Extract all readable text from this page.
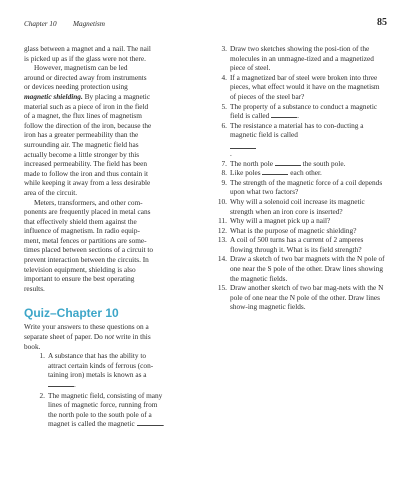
Chapter 10 Magnetism	85

glass between a magnet and a nail. The nail
is picked up as if the glass were not there.

However, magnetism can be led
around or directed away from instruments
or devices needing protection using
magnetic shielding. By placing a magnetic
material such as a piece of iron in the field
of a magnet, the flux lines of magnetism
follow the direction of the iron, because the
iron has a greater permeability than the
surrounding air. The magnetic field has
actually become a little stronger by this
increased permeability. The field has been
made to follow the iron and thus contain it
while keeping it away from a less desirable
area of the circuit.

Meters, transformers, and other com-
ponents are frequently placed in metal cans
that effectively shield them against the
influence of magnetism. In radio equip-
ment, metal fences or partitions are some-
times placed between sections of a circuit to
prevent interaction between the circuits. In
television equipment, shielding is also
important to ensure the best operating
results.

Quiz–Chapter 10

Write your answers to these questions on a
separate sheet of paper. Do not write in this
book.

1. A substance that has the ability to
attract certain kinds of ferrous (con-
taining iron) metals is known as a
.
2. The magnetic field, consisting of many
lines of magnetic force, running from
the north pole to the south pole of a
magnet is called the magnetic	.
3. Draw two sketches showing the posi-tion of the molecules in an unmagne-tized and a magnetized piece of steel.
4. If a magnetized bar of steel were broken into three pieces, what effect would it have on the magnetism of pieces of the steel bar?
5. The property of a substance to conduct a magnetic field is called	.
6. The resistance a material has to con-ducting a magnetic field is called
.
7. The north pole	the south pole.
8. Like poles	each other.
9. The strength of the magnetic force of a coil depends upon what two factors?
10. Why will a solenoid coil increase its magnetic strength when an iron core is inserted?
11. Why will a magnet pick up a nail?
12. What is the purpose of magnetic shielding?
13. A coil of 500 turns has a current of 2 amperes flowing through it. What is its field strength?
14. Draw a sketch of two bar magnets with the N pole of one near the S pole of the other. Draw lines showing the magnetic fields.
15. Draw another sketch of two bar mag-nets with the N pole of one near the N pole of the other. Draw lines show-ing magnetic fields.
